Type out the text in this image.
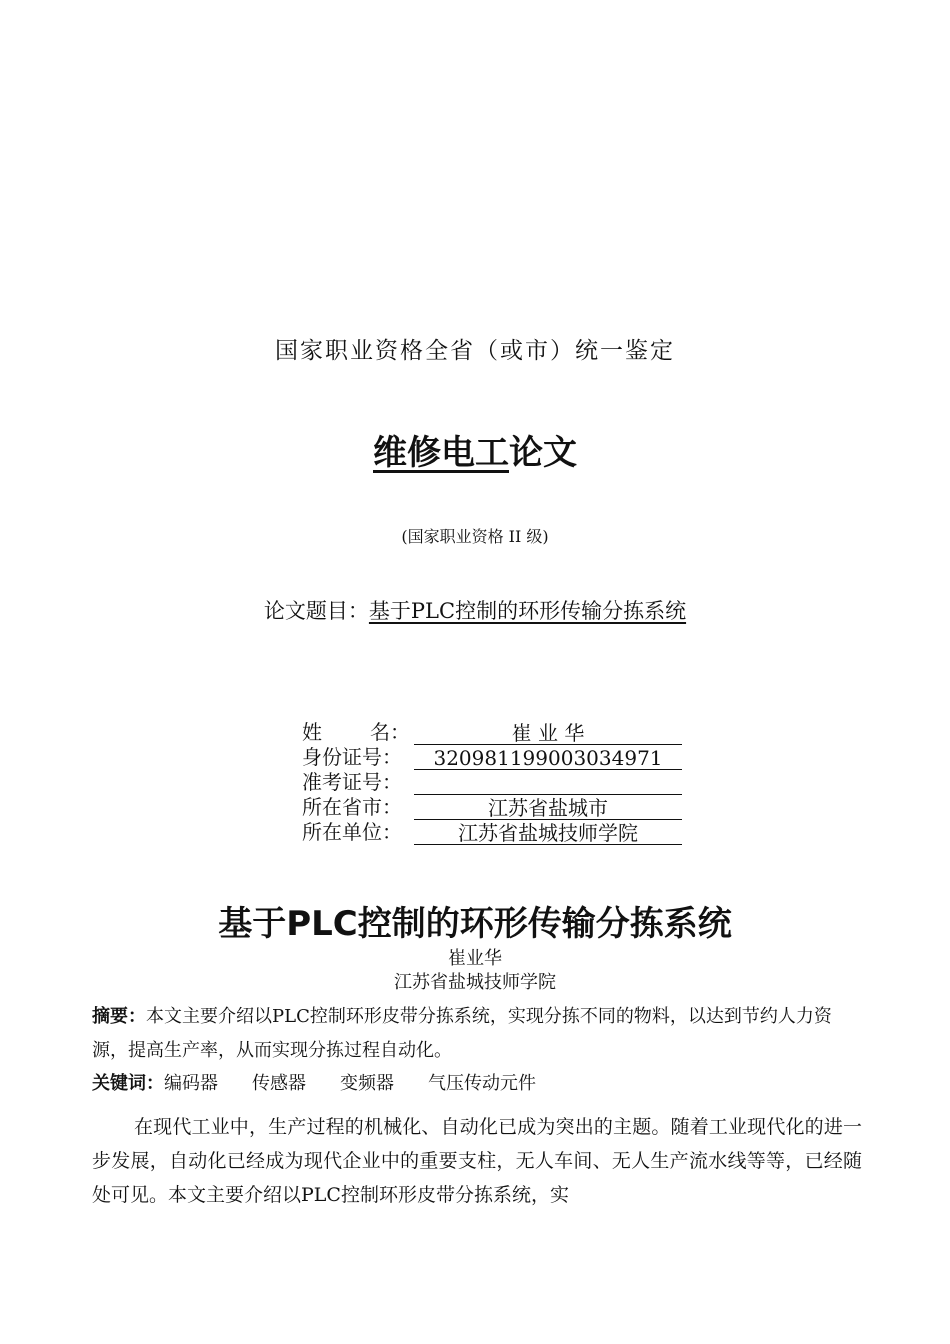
国家职业资格全省（或市）统一鉴定
维修电工论文
(国家职业资格 II 级)
论文题目：基于PLC控制的环形传输分拣系统
姓 名：	崔 业 华
身份证号：	320981199003034971
准考证号：
所在省市：	江苏省盐城市
所在单位：	江苏省盐城技师学院
基于PLC控制的环形传输分拣系统
崔业华
江苏省盐城技师学院
摘要：本文主要介绍以PLC控制环形皮带分拣系统，实现分拣不同的物料，以达到节约人力资源，提高生产率，从而实现分拣过程自动化。
关键词：编码器 传感器 变频器 气压传动元件
在现代工业中，生产过程的机械化、自动化已成为突出的主题。随着工业现代化的进一步发展，自动化已经成为现代企业中的重要支柱，无人车间、无人生产流水线等等，已经随处可见。本文主要介绍以PLC控制环形皮带分拣系统，实
